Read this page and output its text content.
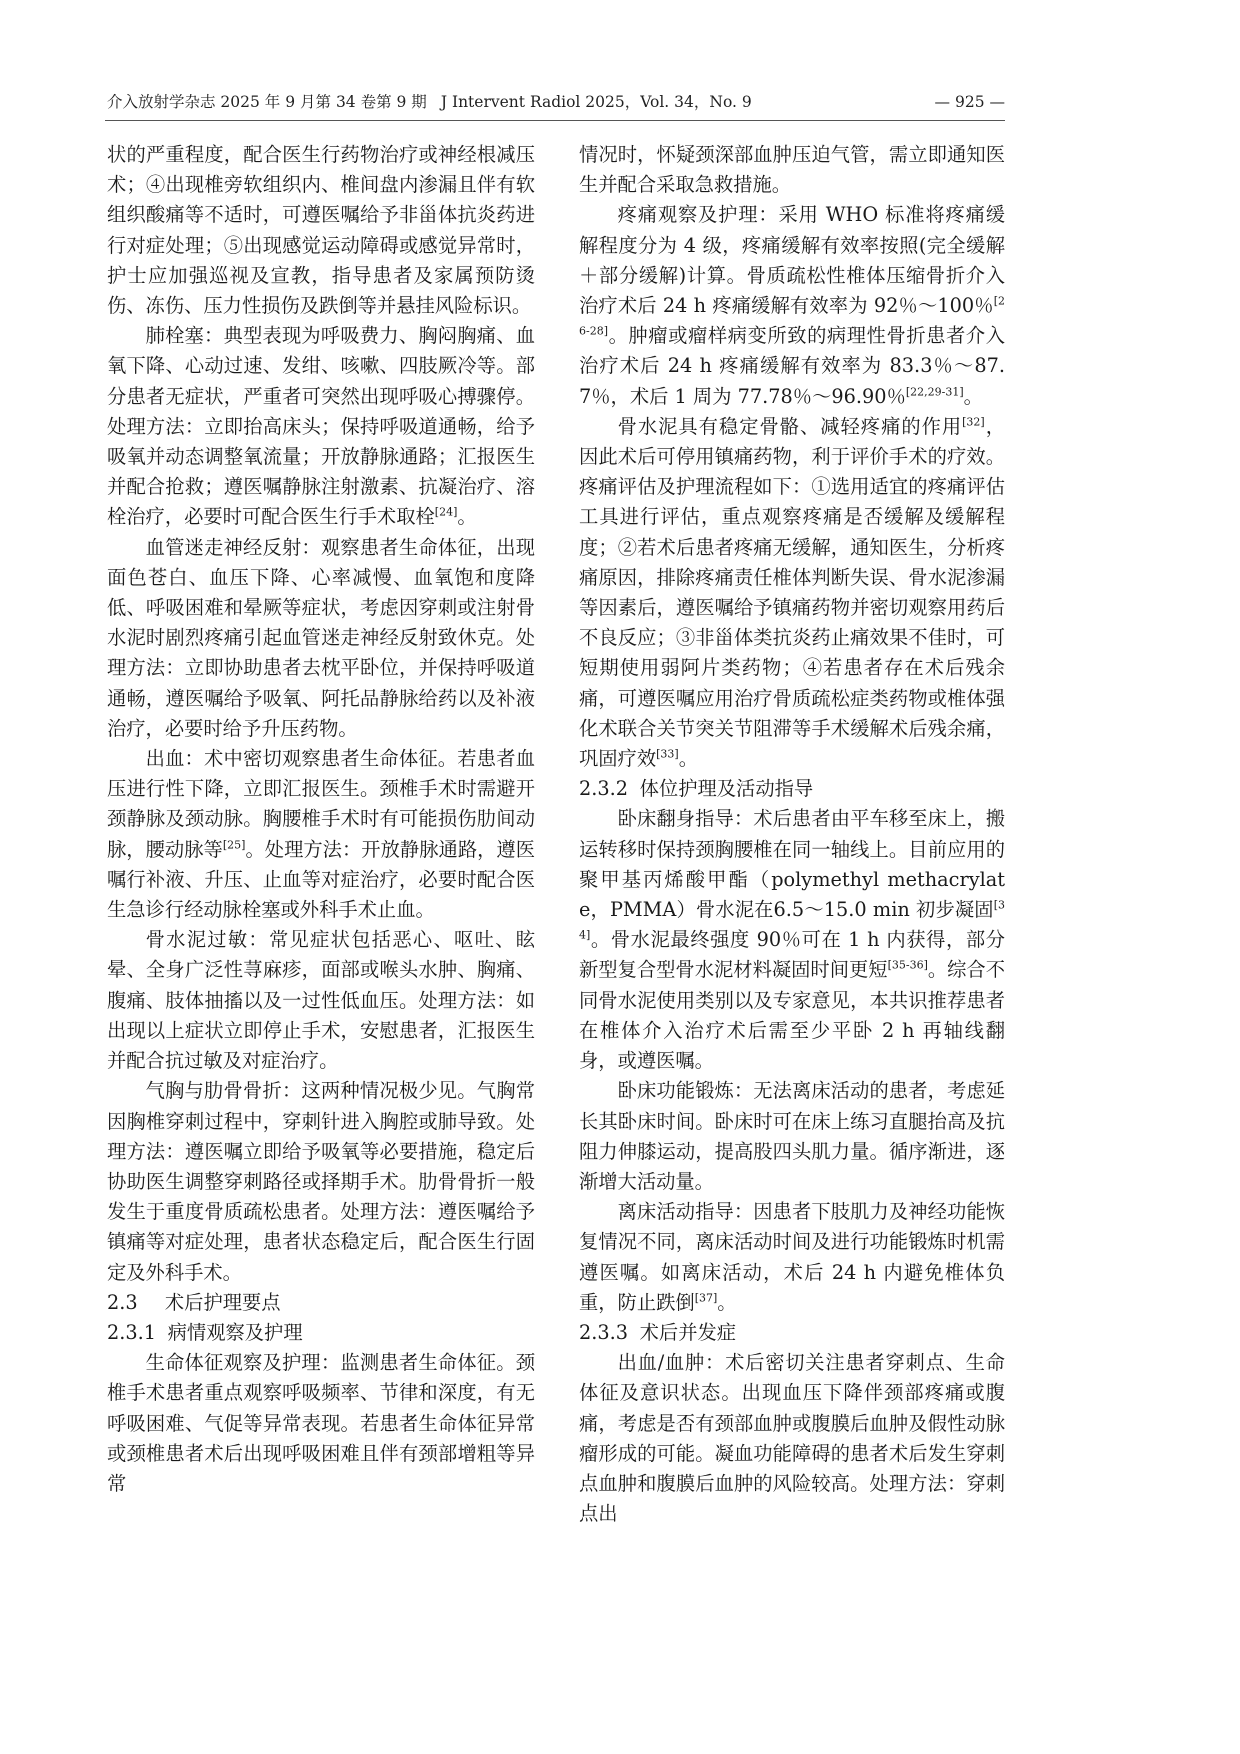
介入放射学杂志 2025 年 9 月第 34 卷第 9 期 J Intervent Radiol 2025，Vol. 34，No. 9	— 925 —

状的严重程度，配合医生行药物治疗或神经根减压术；④出现椎旁软组织内、椎间盘内渗漏且伴有软组织酸痛等不适时，可遵医嘱给予非甾体抗炎药进行对症处理；⑤出现感觉运动障碍或感觉异常时，护士应加强巡视及宣教，指导患者及家属预防烫伤、冻伤、压力性损伤及跌倒等并悬挂风险标识。

肺栓塞：典型表现为呼吸费力、胸闷胸痛、血氧下降、心动过速、发绀、咳嗽、四肢厥冷等。部分患者无症状，严重者可突然出现呼吸心搏骤停。处理方法：立即抬高床头；保持呼吸道通畅，给予吸氧并动态调整氧流量；开放静脉通路；汇报医生并配合抢救；遵医嘱静脉注射激素、抗凝治疗、溶栓治疗，必要时可配合医生行手术取栓[24]。

血管迷走神经反射：观察患者生命体征，出现面色苍白、血压下降、心率减慢、血氧饱和度降低、呼吸困难和晕厥等症状，考虑因穿刺或注射骨水泥时剧烈疼痛引起血管迷走神经反射致休克。处理方法：立即协助患者去枕平卧位，并保持呼吸道通畅，遵医嘱给予吸氧、阿托品静脉给药以及补液治疗，必要时给予升压药物。

出血：术中密切观察患者生命体征。若患者血压进行性下降，立即汇报医生。颈椎手术时需避开颈静脉及颈动脉。胸腰椎手术时有可能损伤肋间动脉，腰动脉等[25]。处理方法：开放静脉通路，遵医嘱行补液、升压、止血等对症治疗，必要时配合医生急诊行经动脉栓塞或外科手术止血。

骨水泥过敏：常见症状包括恶心、呕吐、眩晕、全身广泛性荨麻疹，面部或喉头水肿、胸痛、腹痛、肢体抽搐以及一过性低血压。处理方法：如出现以上症状立即停止手术，安慰患者，汇报医生并配合抗过敏及对症治疗。

气胸与肋骨骨折：这两种情况极少见。气胸常因胸椎穿刺过程中，穿刺针进入胸腔或肺导致。处理方法：遵医嘱立即给予吸氧等必要措施，稳定后协助医生调整穿刺路径或择期手术。肋骨骨折一般发生于重度骨质疏松患者。处理方法：遵医嘱给予镇痛等对症处理，患者状态稳定后，配合医生行固定及外科手术。

2.3 术后护理要点

2.3.1 病情观察及护理

生命体征观察及护理：监测患者生命体征。颈椎手术患者重点观察呼吸频率、节律和深度，有无呼吸困难、气促等异常表现。若患者生命体征异常或颈椎患者术后出现呼吸困难且伴有颈部增粗等异常

情况时，怀疑颈深部血肿压迫气管，需立即通知医生并配合采取急救措施。

疼痛观察及护理：采用 WHO 标准将疼痛缓解程度分为 4 级，疼痛缓解有效率按照(完全缓解＋部分缓解)计算。骨质疏松性椎体压缩骨折介入治疗术后 24 h 疼痛缓解有效率为 92％～100％[26-28]。肿瘤或瘤样病变所致的病理性骨折患者介入治疗术后 24 h 疼痛缓解有效率为 83.3％～87.7％，术后 1 周为 77.78％～96.90％[22,29-31]。

骨水泥具有稳定骨骼、减轻疼痛的作用[32]，因此术后可停用镇痛药物，利于评价手术的疗效。疼痛评估及护理流程如下：①选用适宜的疼痛评估工具进行评估，重点观察疼痛是否缓解及缓解程度；②若术后患者疼痛无缓解，通知医生，分析疼痛原因，排除疼痛责任椎体判断失误、骨水泥渗漏等因素后，遵医嘱给予镇痛药物并密切观察用药后不良反应；③非甾体类抗炎药止痛效果不佳时，可短期使用弱阿片类药物；④若患者存在术后残余痛，可遵医嘱应用治疗骨质疏松症类药物或椎体强化术联合关节突关节阻滞等手术缓解术后残余痛，巩固疗效[33]。

2.3.2 体位护理及活动指导

卧床翻身指导：术后患者由平车移至床上，搬运转移时保持颈胸腰椎在同一轴线上。目前应用的聚甲基丙烯酸甲酯（polymethyl methacrylate，PMMA）骨水泥在6.5～15.0 min 初步凝固[34]。骨水泥最终强度 90％可在 1 h 内获得，部分新型复合型骨水泥材料凝固时间更短[35-36]。综合不同骨水泥使用类别以及专家意见，本共识推荐患者在椎体介入治疗术后需至少平卧 2 h 再轴线翻身，或遵医嘱。

卧床功能锻炼：无法离床活动的患者，考虑延长其卧床时间。卧床时可在床上练习直腿抬高及抗阻力伸膝运动，提高股四头肌力量。循序渐进，逐渐增大活动量。

离床活动指导：因患者下肢肌力及神经功能恢复情况不同，离床活动时间及进行功能锻炼时机需遵医嘱。如离床活动，术后 24 h 内避免椎体负重，防止跌倒[37]。

2.3.3 术后并发症

出血/血肿：术后密切关注患者穿刺点、生命体征及意识状态。出现血压下降伴颈部疼痛或腹痛，考虑是否有颈部血肿或腹膜后血肿及假性动脉瘤形成的可能。凝血功能障碍的患者术后发生穿刺点血肿和腹膜后血肿的风险较高。处理方法：穿刺点出
